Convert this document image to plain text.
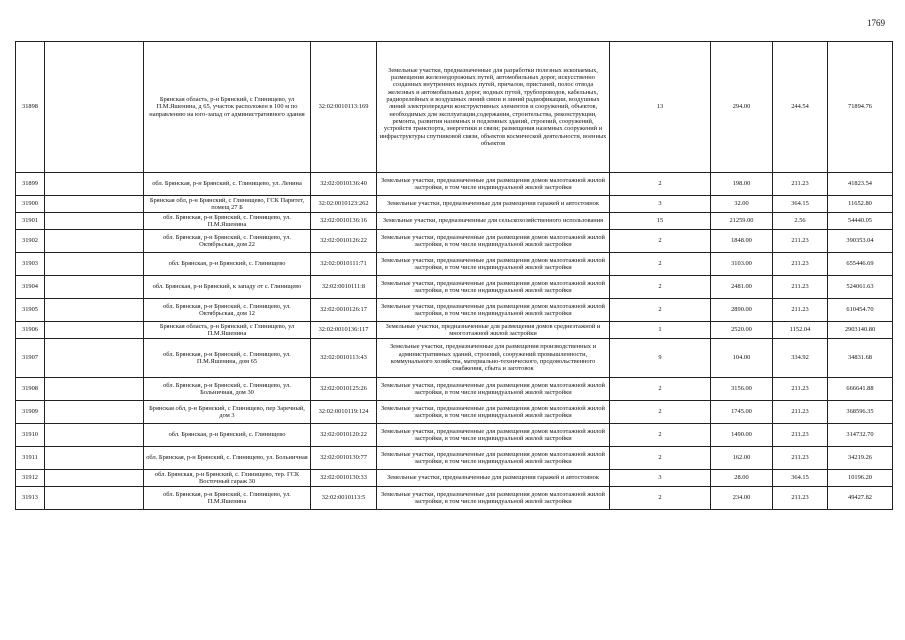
1769
31898		Брянская область, р-н Брянский, с Глинищево, ул П.М.Яшенина, д 65, участок расположен в 100 м по направлению на юго-запад от административного здания	32:02:0010113:169	Земельные участки, предназначенные для разработки полезных ископаемых, размещения железнодорожных путей, автомобильных дорог, искусственно созданных внутренних водных путей, причалов, пристаней, полос отвода железных и автомобильных дорог, водных путей, трубопроводов, кабельных, радиорелейных и воздушных линий связи и линий радиофикации, воздушных линий электропередачи конструктивных элементов и сооружений, объектов, необходимых для эксплуатации,содержания, строительства, реконструкции, ремонта, развития наземных и подземных зданий, строений, сооружений, устройств транспорта, энергетики и связи; размещения наземных сооружений и инфраструктуры спутниковой связи, объектов космической деятельности, военных объектов	13	294.00	244.54	71894.76
31899		обл. Брянская, р-н Брянский, с. Глинищево, ул. Ленина	32:02:0010136:40	Земельные участки, предназначенные для размещения домов малоэтажной жилой застройки, в том числе индивидуальной жилой застройки	2	198.00	211.23	41823.54
31900		Брянская обл, р-н Брянский, с Глинищево, ГСК Паритет, помещ 27 Б	32:02:0010123:262	Земельные участки, предназначенные для размещения гаражей и автостоянок	3	32.00	364.15	11652.80
31901		обл. Брянская, р-н Брянский, с. Глинищево, ул. П.М.Яшенина	32:02:0010136:16	Земельные участки, предназначенные для сельскохозяйственного использования	15	21259.00	2.56	54440.05
31902		обл. Брянская, р-н Брянский, с. Глинищево, ул. Октябрьская, дом 22	32:02:0010126:22	Земельные участки, предназначенные для размещения домов малоэтажной жилой застройки, в том числе индивидуальной жилой застройки	2	1848.00	211.23	390353.04
31903		обл. Брянская, р-н Брянский, с. Глинищево	32:02:0010111:71	Земельные участки, предназначенные для размещения домов малоэтажной жилой застройки, в том числе индивидуальной жилой застройки	2	3103.00	211.23	655446.69
31904		обл. Брянская, р-н Брянский, к западу от с. Глинищево	32:02:0010111:8	Земельные участки, предназначенные для размещения домов малоэтажной жилой застройки, в том числе индивидуальной жилой застройки	2	2481.00	211.23	524061.63
31905		обл. Брянская, р-н Брянский, с. Глинищево, ул. Октябрьская, дом 12	32:02:0010126:17	Земельные участки, предназначенные для размещения домов малоэтажной жилой застройки, в том числе индивидуальной жилой застройки	2	2890.00	211.23	610454.70
31906		Брянская область, р-н Брянский, с Глинищево, ул П.М.Яшенина	32:02:0010136:117	Земельные участки, предназначенные для размещения домов среднеэтажной и многоэтажной жилой застройки	1	2520.00	1152.04	2903140.80
31907		обл. Брянская, р-н Брянский, с. Глинищево, ул. П.М.Яшенина, дом 65	32:02:0010113:43	Земельные участки, предназначенные для размещения производственных и административных зданий, строений, сооружений промышленности, коммунального хозяйства, материально-технического, продовольственного снабжения, сбыта и заготовок	9	104.00	334.92	34831.68
31908		обл. Брянская, р-н Брянский, с. Глинищево, ул. Больничная, дом 30	32:02:0010125:26	Земельные участки, предназначенные для размещения домов малоэтажной жилой застройки, в том числе индивидуальной жилой застройки	2	3156.00	211.23	666641.88
31909		Брянская обл, р-н Брянский, с Глинищево, пер Заречный, дом 3	32:02:0010119:124	Земельные участки, предназначенные для размещения домов малоэтажной жилой застройки, в том числе индивидуальной жилой застройки	2	1745.00	211.23	368596.35
31910		обл. Брянская, р-н Брянский, с. Глинищево	32:02:0010120:22	Земельные участки, предназначенные для размещения домов малоэтажной жилой застройки, в том числе индивидуальной жилой застройки	2	1490.00	211.23	314732.70
31911		обл. Брянская, р-н Брянский, с. Глинищево, ул. Больничная	32:02:0010130:77	Земельные участки, предназначенные для размещения домов малоэтажной жилой застройки, в том числе индивидуальной жилой застройки	2	162.00	211.23	34219.26
31912		обл. Брянская, р-н Брянский, с. Глинищево, тер. ГСК Восточный гараж 30	32:02:0010130:33	Земельные участки, предназначенные для размещения гаражей и автостоянок	3	28.00	364.15	10196.20
31913		обл. Брянская, р-н Брянский, с. Глинищево, ул. П.М.Яшенина	32:02:0010113:5	Земельные участки, предназначенные для размещения домов малоэтажной жилой застройки, в том числе индивидуальной жилой застройки	2	234.00	211.23	49427.82
